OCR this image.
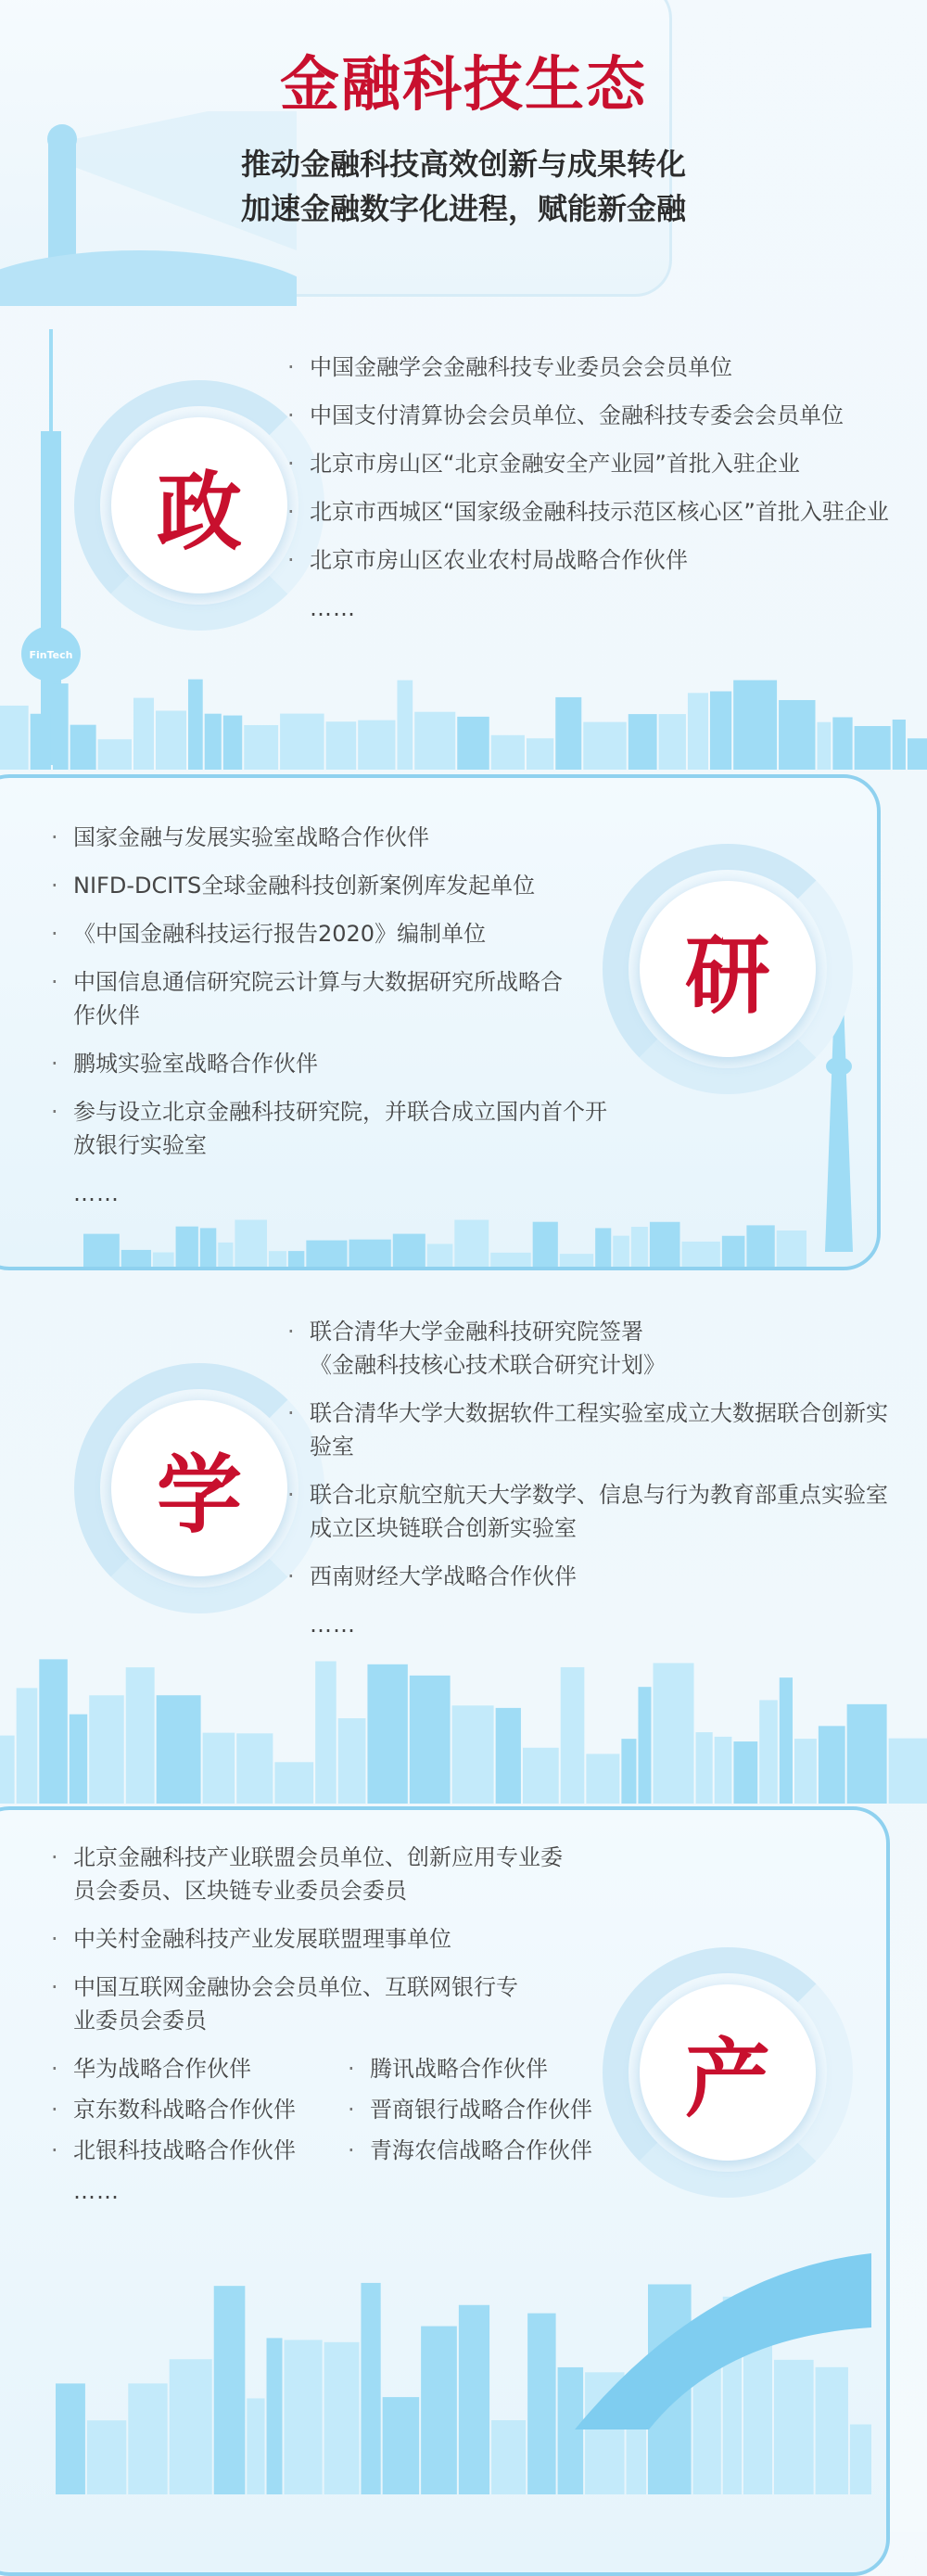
金融科技生态
推动金融科技高效创新与成果转化
加速金融数字化进程，赋能新金融
FinTech
政
· 中国金融学会金融科技专业委员会会员单位
· 中国支付清算协会会员单位、金融科技专委会会员单位
· 北京市房山区“北京金融安全产业园”首批入驻企业
· 北京市西城区“国家级金融科技示范区核心区”首批入驻企业
· 北京市房山区农业农村局战略合作伙伴
……
研
· 国家金融与发展实验室战略合作伙伴
· NIFD-DCITS全球金融科技创新案例库发起单位
· 《中国金融科技运行报告2020》编制单位
· 中国信息通信研究院云计算与大数据研究所战略合作伙伴
· 鹏城实验室战略合作伙伴
· 参与设立北京金融科技研究院，并联合成立国内首个开放银行实验室
……
学
· 联合清华大学金融科技研究院签署《金融科技核心技术联合研究计划》
· 联合清华大学大数据软件工程实验室成立大数据联合创新实验室
· 联合北京航空航天大学数学、信息与行为教育部重点实验室成立区块链联合创新实验室
· 西南财经大学战略合作伙伴
……
产
· 北京金融科技产业联盟会员单位、创新应用专业委员会委员、区块链专业委员会委员
· 中关村金融科技产业发展联盟理事单位
· 中国互联网金融协会会员单位、互联网银行专业委员会委员
· 华为战略合作伙伴
· 京东数科战略合作伙伴
· 北银科技战略合作伙伴
· 腾讯战略合作伙伴
· 晋商银行战略合作伙伴
· 青海农信战略合作伙伴
……
